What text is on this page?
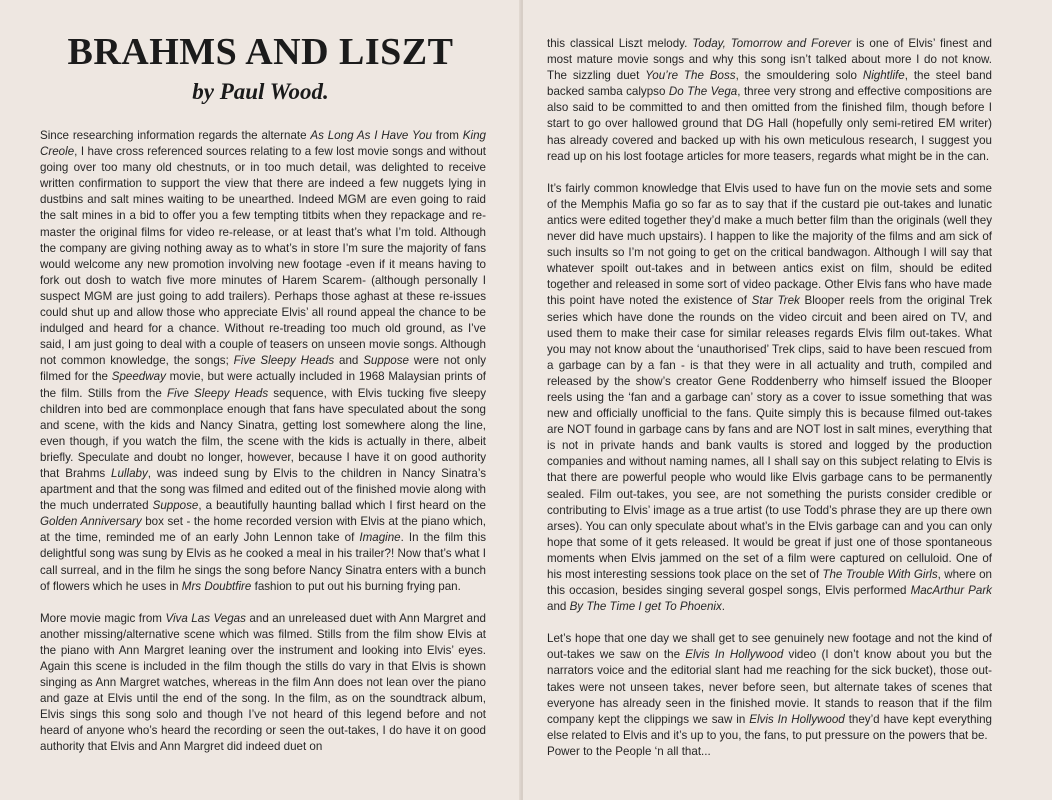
BRAHMS AND LISZT
by Paul Wood.

Since researching information regards the alternate As Long As I Have You from King Creole, I have cross referenced sources relating to a few lost movie songs and without going over too many old chestnuts, or in too much detail, was delighted to receive written confirmation to support the view that there are indeed a few nuggets lying in dustbins and salt mines waiting to be unearthed. Indeed MGM are even going to raid the salt mines in a bid to offer you a few tempting titbits when they repackage and re-master the original films for video re-release, or at least that’s what I’m told. Although the company are giving nothing away as to what’s in store I’m sure the majority of fans would welcome any new promotion involving new footage -even if it means having to fork out dosh to watch five more minutes of Harem Scarem- (although personally I suspect MGM are just going to add trailers). Perhaps those aghast at these re-issues could shut up and allow those who appreciate Elvis’ all round appeal the chance to be indulged and heard for a chance. Without re-treading too much old ground, as I’ve said, I am just going to deal with a couple of teasers on unseen movie songs. Although not common knowledge, the songs; Five Sleepy Heads and Suppose were not only filmed for the Speedway movie, but were actually included in 1968 Malaysian prints of the film. Stills from the Five Sleepy Heads sequence, with Elvis tucking five sleepy children into bed are commonplace enough that fans have speculated about the song and scene, with the kids and Nancy Sinatra, getting lost somewhere along the line, even though, if you watch the film, the scene with the kids is actually in there, albeit briefly. Speculate and doubt no longer, however, because I have it on good authority that Brahms Lullaby, was indeed sung by Elvis to the children in Nancy Sinatra’s apartment and that the song was filmed and edited out of the finished movie along with the much underrated Suppose, a beautifully haunting ballad which I first heard on the Golden Anniversary box set - the home recorded version with Elvis at the piano which, at the time, reminded me of an early John Lennon take of Imagine. In the film this delightful song was sung by Elvis as he cooked a meal in his trailer?! Now that’s what I call surreal, and in the film he sings the song before Nancy Sinatra enters with a bunch of flowers which he uses in Mrs Doubtfire fashion to put out his burning frying pan.

More movie magic from Viva Las Vegas and an unreleased duet with Ann Margret and another missing/alternative scene which was filmed. Stills from the film show Elvis at the piano with Ann Margret leaning over the instrument and looking into Elvis’ eyes. Again this scene is included in the film though the stills do vary in that Elvis is shown singing as Ann Margret watches, whereas in the film Ann does not lean over the piano and gaze at Elvis until the end of the song. In the film, as on the soundtrack album, Elvis sings this song solo and though I’ve not heard of this legend before and not heard of anyone who’s heard the recording or seen the out-takes, I do have it on good authority that Elvis and Ann Margret did indeed duet on

this classical Liszt melody. Today, Tomorrow and Forever is one of Elvis’ finest and most mature movie songs and why this song isn’t talked about more I do not know. The sizzling duet You’re The Boss, the smouldering solo Nightlife, the steel band backed samba calypso Do The Vega, three very strong and effective compositions are also said to be committed to and then omitted from the finished film, though before I start to go over hallowed ground that DG Hall (hopefully only semi-retired EM writer) has already covered and backed up with his own meticulous research, I suggest you read up on his lost footage articles for more teasers, regards what might be in the can.

It’s fairly common knowledge that Elvis used to have fun on the movie sets and some of the Memphis Mafia go so far as to say that if the custard pie out-takes and lunatic antics were edited together they’d make a much better film than the originals (well they never did have much upstairs). I happen to like the majority of the films and am sick of such insults so I’m not going to get on the critical bandwagon. Although I will say that whatever spoilt out-takes and in between antics exist on film, should be edited together and released in some sort of video package. Other Elvis fans who have made this point have noted the existence of Star Trek Blooper reels from the original Trek series which have done the rounds on the video circuit and been aired on TV, and used them to make their case for similar releases regards Elvis film out-takes. What you may not know about the ‘unauthorised’ Trek clips, said to have been rescued from a garbage can by a fan - is that they were in all actuality and truth, compiled and released by the show’s creator Gene Roddenberry who himself issued the Blooper reels using the ‘fan and a garbage can’ story as a cover to issue something that was new and officially unofficial to the fans. Quite simply this is because filmed out-takes are NOT found in garbage cans by fans and are NOT lost in salt mines, everything that is not in private hands and bank vaults is stored and logged by the production companies and without naming names, all I shall say on this subject relating to Elvis is that there are powerful people who would like Elvis garbage cans to be permanently sealed. Film out-takes, you see, are not something the purists consider credible or contributing to Elvis’ image as a true artist (to use Todd’s phrase they are up there own arses). You can only speculate about what’s in the Elvis garbage can and you can only hope that some of it gets released. It would be great if just one of those spontaneous moments when Elvis jammed on the set of a film were captured on celluloid. One of his most interesting sessions took place on the set of The Trouble With Girls, where on this occasion, besides singing several gospel songs, Elvis performed MacArthur Park and By The Time I get To Phoenix.

Let’s hope that one day we shall get to see genuinely new footage and not the kind of out-takes we saw on the Elvis In Hollywood video (I don’t know about you but the narrators voice and the editorial slant had me reaching for the sick bucket), those out-takes were not unseen takes, never before seen, but alternate takes of scenes that everyone has already seen in the finished movie. It stands to reason that if the film company kept the clippings we saw in Elvis In Hollywood they’d have kept everything else related to Elvis and it’s up to you, the fans, to put pressure on the powers that be.

Power to the People ‘n all that...
